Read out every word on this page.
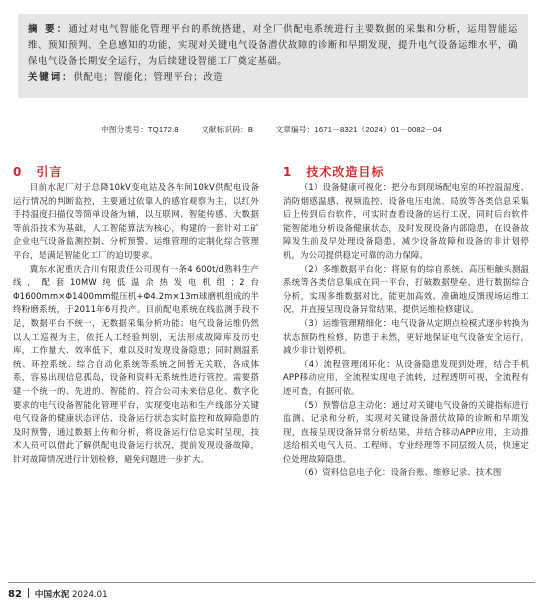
摘 要：通过对电气智能化管理平台的系统搭建，对全厂供配电系统进行主要数据的采集和分析，运用智能运维、预知预判、全息感知的功能，实现对关键电气设备潜伏故障的诊断和早期发现，提升电气设备运维水平，确保电气设备长期安全运行，为后续建设智能工厂奠定基础。

关键词：供配电；智能化；管理平台；改造

中图分类号：TQ172.8	文献标识码：B	文章编号：1671－8321（2024）01－0082－04
0 引言

目前水泥厂对于总降10kV变电站及各车间10kV供配电设备运行情况的判断监控，主要通过依靠人的感官观察为主，以红外手持温度扫描仪等简单设备为辅，以互联网、智能传感、大数据等前沿技术为基础，人工智能算法为核心，构建的一套针对工矿企业电气设备监测控制、分析预警、运维管理的定制化综合管理平台，是满足智能化工厂的迫切要求。

冀东水泥重庆合川有限责任公司现有一条4 600t/d熟料生产线，配套10MW纯低温余热发电机组；2台Φ1600mm×Φ1400mm辊压机+Φ4.2m×13m球磨机组成的半终粉磨系统，于2011年6月投产。目前配电系统在线监测手段不足，数据平台不统一，无数据采集分析功能；电气设备运维仍然以人工巡视为主，依托人工经验判别，无法形成故障库及历史库，工作量大、效率低下，难以及时发现设备隐患；同时测温系统、环控系统、综合自动化系统等系统之间暂无关联，各成体系，容易出现信息孤岛，设备和资料无系统性进行管控。需要搭建一个统一的、先进的、智能的、符合公司未来信息化、数字化要求的电气设备智能化管理平台，实现变电站和生产线部分关键电气设备的健康状态评估、设备运行状态实时监控和故障隐患的及时预警，通过数据上传和分析，将设备运行信息实时呈现，技术人员可以借此了解供配电设备运行状况，提前发现设备故障，针对故障情况进行计划检修，避免问题进一步扩大。

1 技术改造目标

（1）设备健康可视化：把分布到现场配电室的环控温湿度、消防烟感温感、视频监控、设备电压电流、局放等各类信息采集后上传到后台软件，可实时查看设备的运行工况，同时后台软件能智能地分析设备健康状态，及时发现设备内部隐患，在设备故障发生前及早处理设备隐患，减少设备故障和设备的非计划停机，为公司提供稳定可靠的动力保障。

（2）多维数据平台化：将原有的综自系统、高压柜触头测温系统等各类信息集成在同一平台，打破数据壁垒，进行数据综合分析，实现多维数据对比，能更加高效、准确地反馈现场运维工况，并直接呈现设备异常结果，提供运维检修建议。

（3）运维管理精细化：电气设备从定期点检模式逐步转换为状态预防性检修，防患于未然，更好地保证电气设备安全运行，减少非计划停机。

（4）流程管理闭环化：从设备隐患发现到处理，结合手机APP移动应用，全流程实现电子流转，过程透明可视，全流程有迹可查，有据可依。

（5）预警信息主动化：通过对关键电气设备的关键指标进行监测、记录和分析，实现对关键设备潜伏故障的诊断和早期发现，直接呈现设备异常分析结果，并结合移动APP应用，主动推送给相关电气人员、工程师、专业经理等不同层级人员，快速定位处理故障隐患。

（6）资料信息电子化：设备台账、维修记录、技术图

82 中国水泥 2024.01
